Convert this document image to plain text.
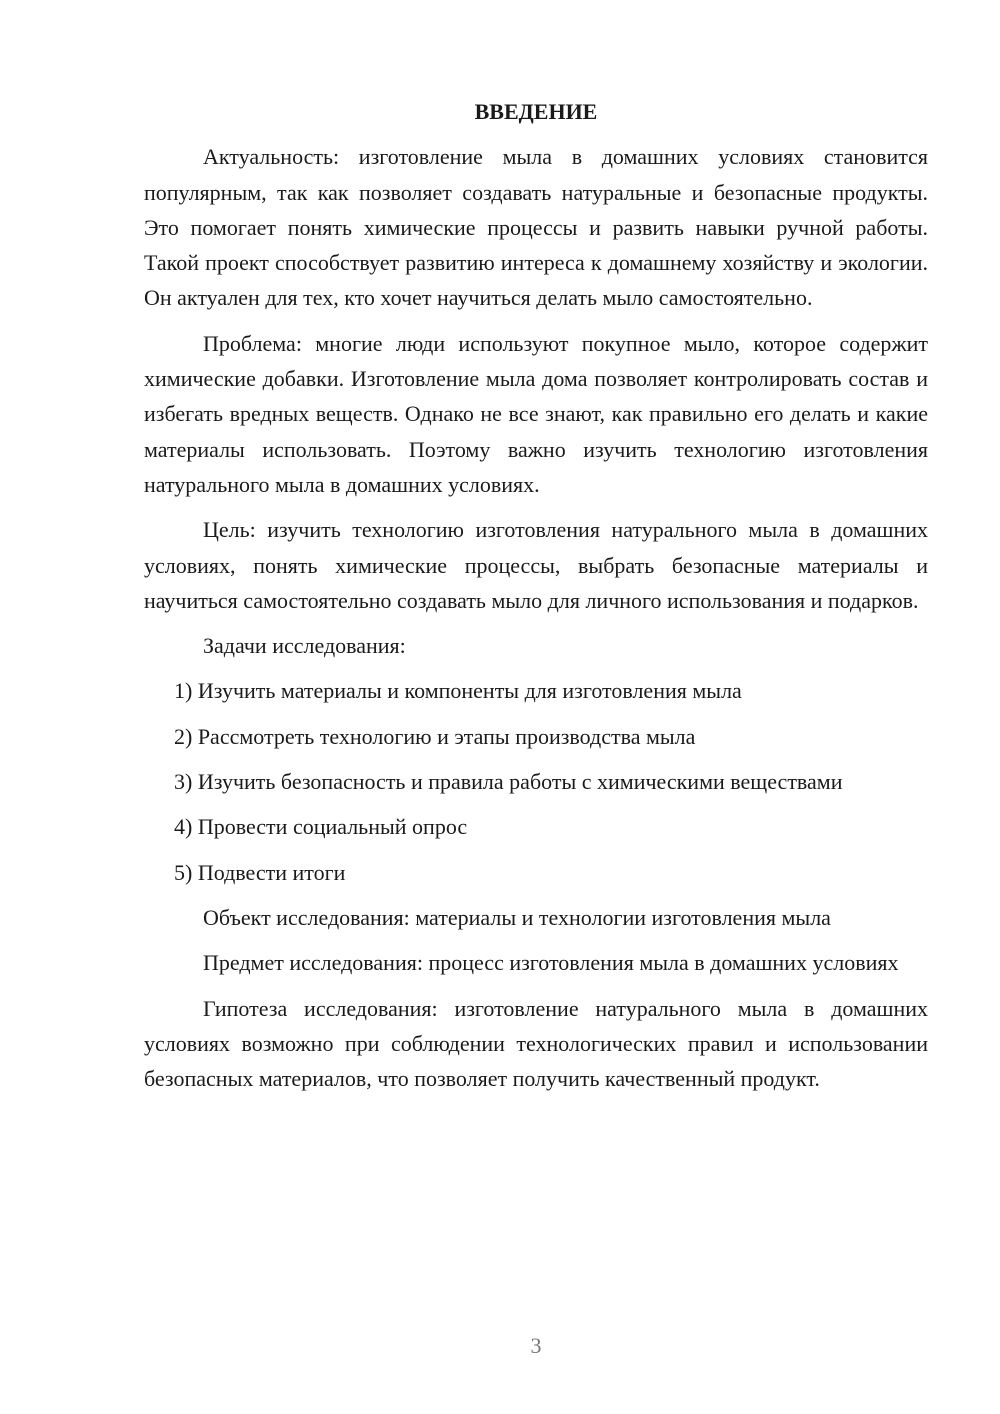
ВВЕДЕНИЕ

Актуальность: изготовление мыла в домашних условиях становится популярным, так как позволяет создавать натуральные и безопасные продукты. Это помогает понять химические процессы и развить навыки ручной работы. Такой проект способствует развитию интереса к домашнему хозяйству и экологии. Он актуален для тех, кто хочет научиться делать мыло самостоятельно.

Проблема: многие люди используют покупное мыло, которое содержит химические добавки. Изготовление мыла дома позволяет контролировать состав и избегать вредных веществ. Однако не все знают, как правильно его делать и какие материалы использовать. Поэтому важно изучить технологию изготовления натурального мыла в домашних условиях.

Цель: изучить технологию изготовления натурального мыла в домашних условиях, понять химические процессы, выбрать безопасные материалы и научиться самостоятельно создавать мыло для личного использования и подарков.

Задачи исследования:

1) Изучить материалы и компоненты для изготовления мыла
2) Рассмотреть технологию и этапы производства мыла
3) Изучить безопасность и правила работы с химическими веществами
4) Провести социальный опрос
5) Подвести итоги

Объект исследования: материалы и технологии изготовления мыла

Предмет исследования: процесс изготовления мыла в домашних условиях

Гипотеза исследования: изготовление натурального мыла в домашних условиях возможно при соблюдении технологических правил и использовании безопасных материалов, что позволяет получить качественный продукт.

3
